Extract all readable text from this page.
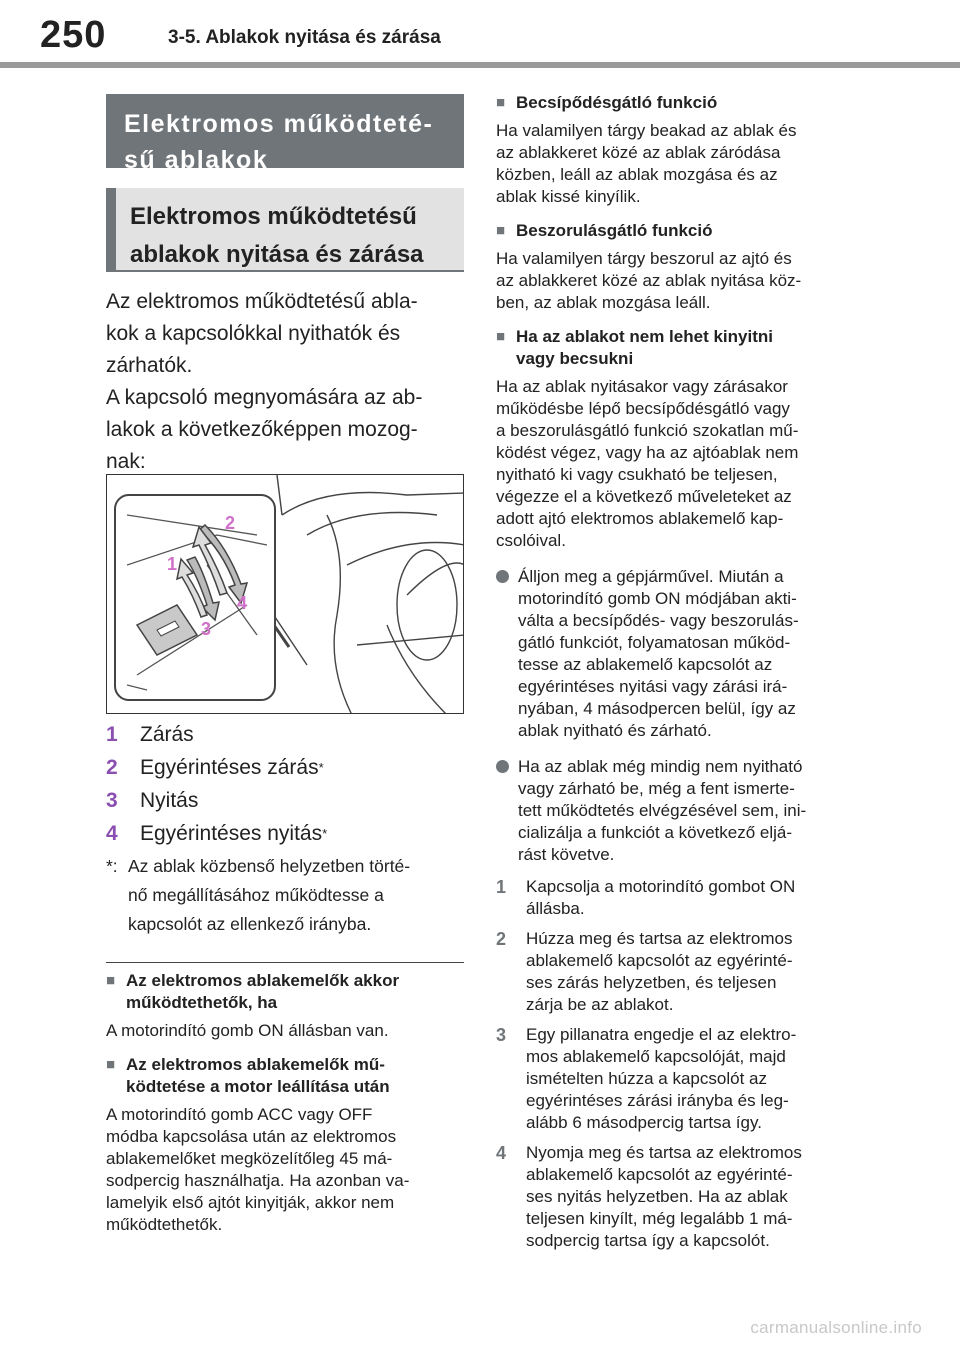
250	3-5. Ablakok nyitása és zárása
Elektromos működteté-
sű ablakok
Elektromos működtetésű
ablakok nyitása és zárása
Az elektromos működtetésű abla-
kok a kapcsolókkal nyithatók és
zárhatók.
A kapcsoló megnyomására az ab-
lakok a következőképpen mozog-
nak:
1
2
3
4
1	Zárás
2	Egyérintéses zárás *
3	Nyitás
4	Egyérintéses nyitás *
*: Az ablak közbenső helyzetben törté-
nő megállításához működtesse a
kapcsolót az ellenkező irányba.
■ Az elektromos ablakemelők akkor
működtethetők, ha
A motorindító gomb ON állásban van.
■ Az elektromos ablakemelők mű-
ködtetése a motor leállítása után
A motorindító gomb ACC vagy OFF
módba kapcsolása után az elektromos
ablakemelőket megközelítőleg 45 má-
sodpercig használhatja. Ha azonban va-
lamelyik első ajtót kinyitják, akkor nem
működtethetők.
■ Becsípődésgátló funkció
Ha valamilyen tárgy beakad az ablak és
az ablakkeret közé az ablak záródása
közben, leáll az ablak mozgása és az
ablak kissé kinyílik.
■ Beszorulásgátló funkció
Ha valamilyen tárgy beszorul az ajtó és
az ablakkeret közé az ablak nyitása köz-
ben, az ablak mozgása leáll.
■ Ha az ablakot nem lehet kinyitni
vagy becsukni
Ha az ablak nyitásakor vagy zárásakor
működésbe lépő becsípődésgátló vagy
a beszorulásgátló funkció szokatlan mű-
ködést végez, vagy ha az ajtóablak nem
nyitható ki vagy csukható be teljesen,
végezze el a következő műveleteket az
adott ajtó elektromos ablakemelő kap-
csolóival.
Álljon meg a gépjárművel. Miután a
motorindító gomb ON módjában akti-
válta a becsípődés- vagy beszorulás-
gátló funkciót, folyamatosan működ-
tesse az ablakemelő kapcsolót az
egyérintéses nyitási vagy zárási irá-
nyában, 4 másodpercen belül, így az
ablak nyitható és zárható.
Ha az ablak még mindig nem nyitható
vagy zárható be, még a fent ismerte-
tett működtetés elvégzésével sem, ini-
cializálja a funkciót a következő eljá-
rást követve.
1	Kapcsolja a motorindító gombot ON
állásba.
2	Húzza meg és tartsa az elektromos
ablakemelő kapcsolót az egyérinté-
ses zárás helyzetben, és teljesen
zárja be az ablakot.
3	Egy pillanatra engedje el az elektro-
mos ablakemelő kapcsolóját, majd
ismételten húzza a kapcsolót az
egyérintéses zárási irányba és leg-
alább 6 másodpercig tartsa így.
4	Nyomja meg és tartsa az elektromos
ablakemelő kapcsolót az egyérinté-
ses nyitás helyzetben. Ha az ablak
teljesen kinyílt, még legalább 1 má-
sodpercig tartsa így a kapcsolót.
carmanualsonline.info
